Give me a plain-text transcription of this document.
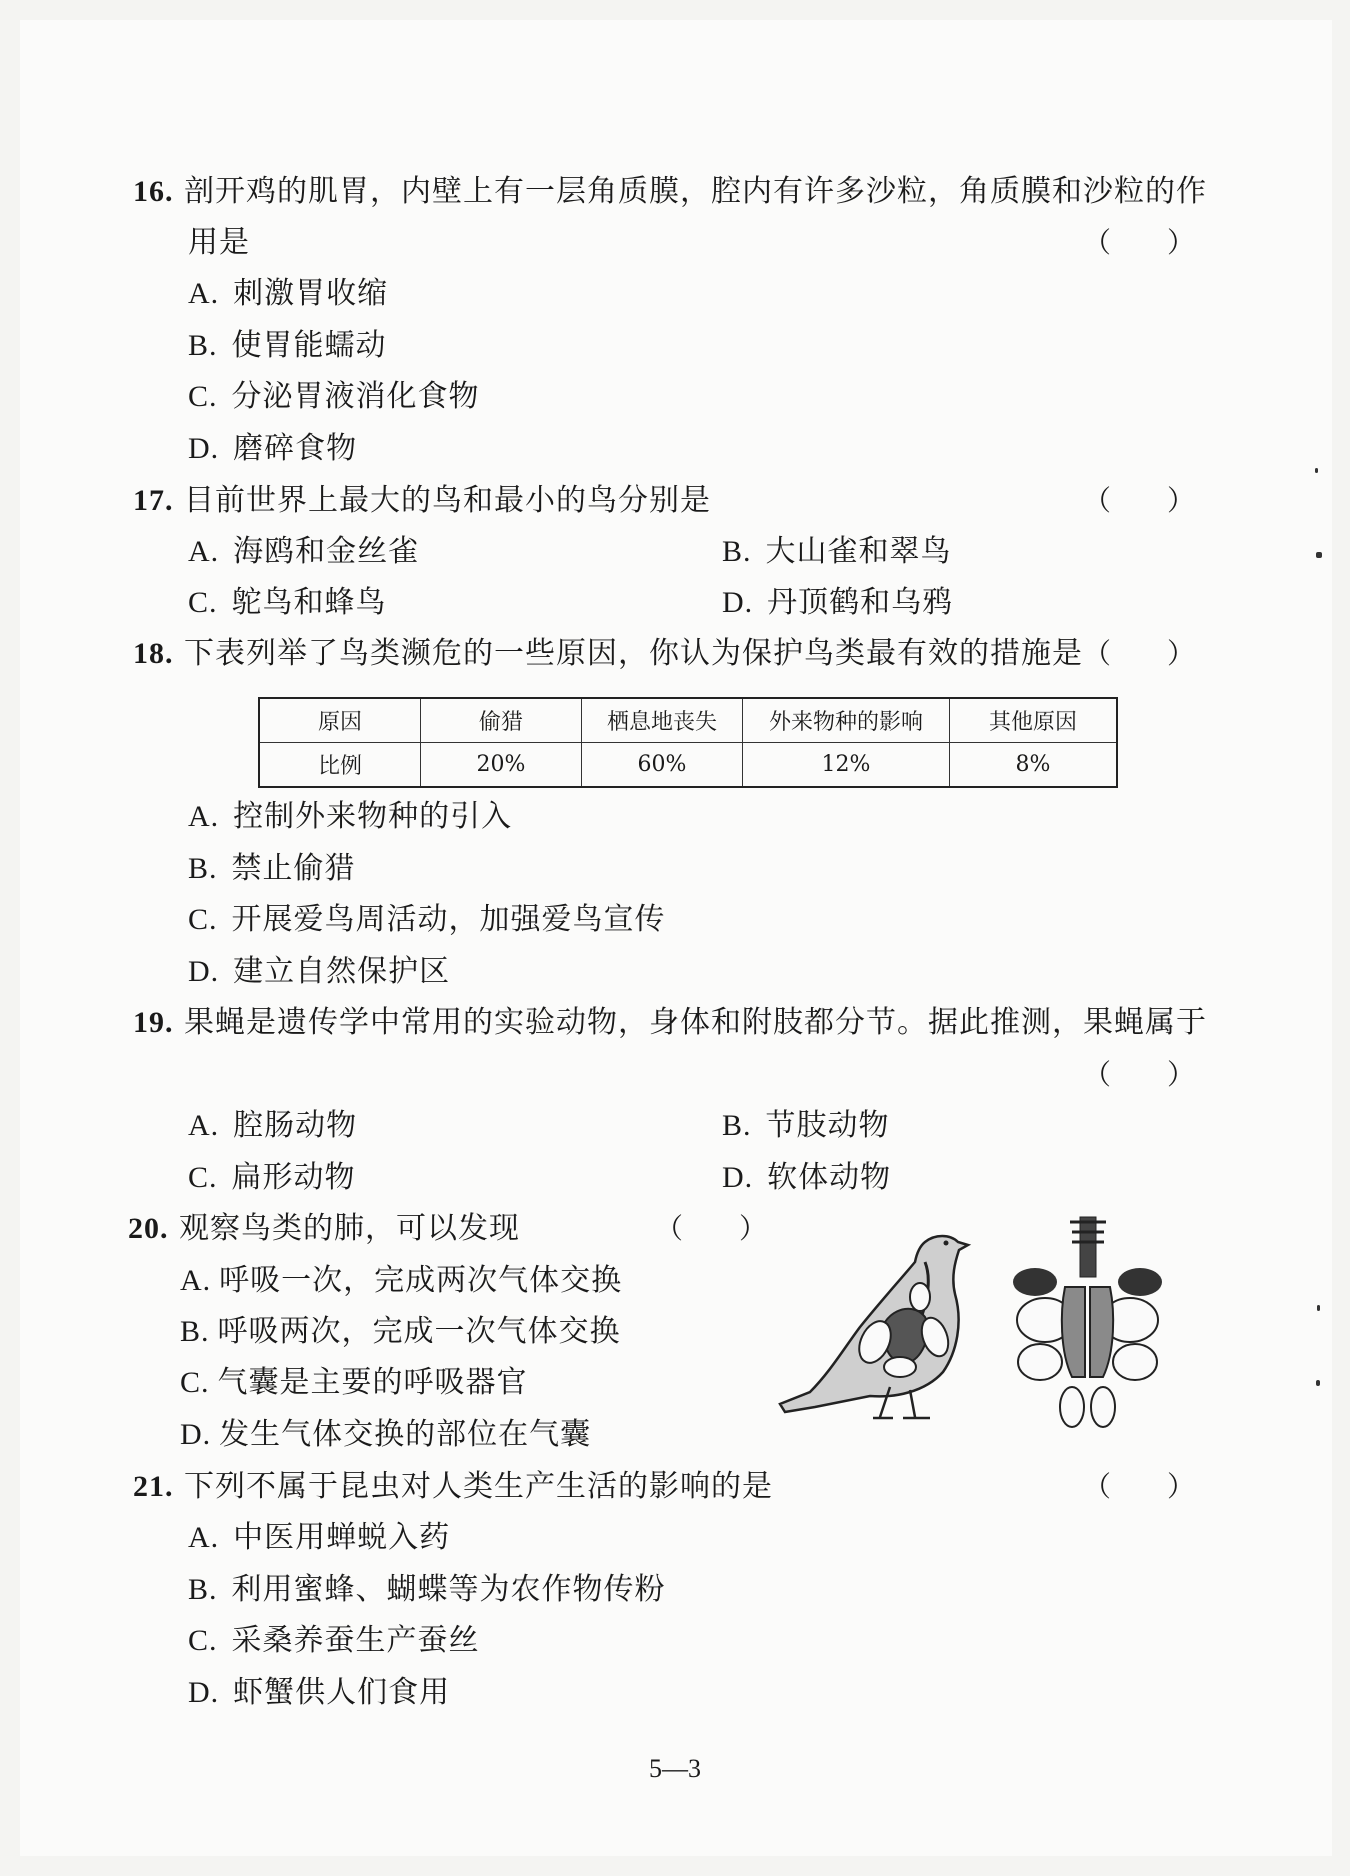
16. 剖开鸡的肌胃，内壁上有一层角质膜，腔内有许多沙粒，角质膜和沙粒的作
用是	（　　）
A. 刺激胃收缩
B. 使胃能蠕动
C. 分泌胃液消化食物
D. 磨碎食物
17. 目前世界上最大的鸟和最小的鸟分别是	（　　）
A. 海鸥和金丝雀	B. 大山雀和翠鸟
C. 鸵鸟和蜂鸟	D. 丹顶鹤和乌鸦
18. 下表列举了鸟类濒危的一些原因，你认为保护鸟类最有效的措施是 （　　）
原因	偷猎	栖息地丧失	外来物种的影响	其他原因
比例	20%	60%	12%	8%
A. 控制外来物种的引入
B. 禁止偷猎
C. 开展爱鸟周活动，加强爱鸟宣传
D. 建立自然保护区
19. 果蝇是遗传学中常用的实验动物，身体和附肢都分节。据此推测，果蝇属于
（　　）
A. 腔肠动物	B. 节肢动物
C. 扁形动物	D. 软体动物
20. 观察鸟类的肺，可以发现	（　　）
A. 呼吸一次，完成两次气体交换
B. 呼吸两次，完成一次气体交换
C. 气囊是主要的呼吸器官
D. 发生气体交换的部位在气囊
21. 下列不属于昆虫对人类生产生活的影响的是	（　　）
A. 中医用蝉蜕入药
B. 利用蜜蜂、蝴蝶等为农作物传粉
C. 采桑养蚕生产蚕丝
D. 虾蟹供人们食用
5—3
